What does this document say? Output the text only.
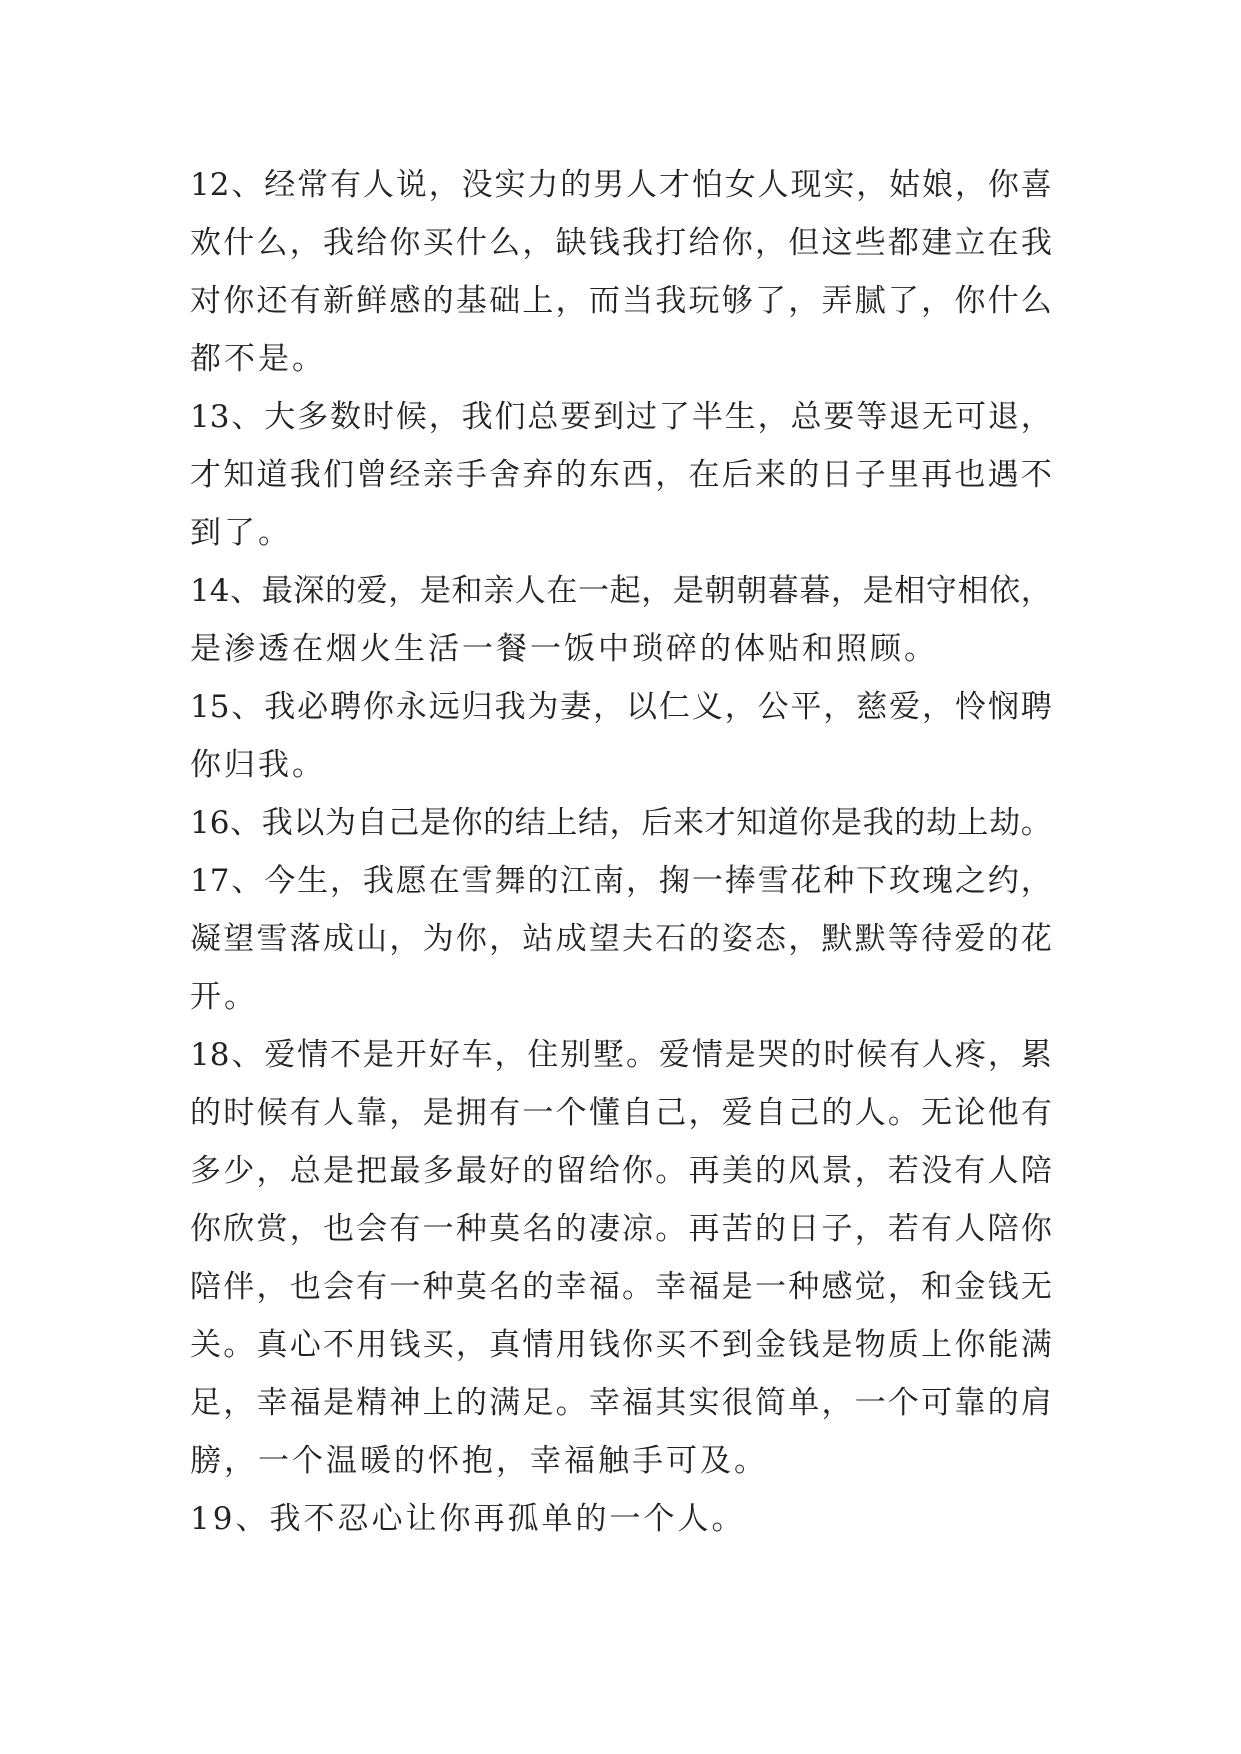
12 、 经 常 有 人 说 ， 没 实 力 的 男 人 才 怕 女 人 现 实 ， 姑 娘 ， 你 喜
欢 什 么 ， 我 给 你 买 什 么 ， 缺 钱 我 打 给 你 ， 但 这 些 都 建 立 在 我
对 你 还 有 新 鲜 感 的 基 础 上 ， 而 当 我 玩 够 了 ， 弄 腻 了 ， 你 什 么
都不是。
13 、 大 多 数 时 候 ， 我 们 总 要 到 过 了 半 生 ， 总 要 等 退 无 可 退 ，
才 知 道 我 们 曾 经 亲 手 舍 弃 的 东 西 ， 在 后 来 的 日 子 里 再 也 遇 不
到了。
14 、 最 深 的 爱 ， 是 和 亲 人 在 一 起 ， 是 朝 朝 暮 暮 ， 是 相 守 相 依 ，
是渗透在烟火生活一餐一饭中琐碎的体贴和照顾。
15 、 我 必 聘 你 永 远 归 我 为 妻 ， 以 仁 义 ， 公 平 ， 慈 爱 ， 怜 悯 聘
你归我。
16 、 我 以 为 自 己 是 你 的 结 上 结 ， 后 来 才 知 道 你 是 我 的 劫 上 劫 。
17 、 今 生 ， 我 愿 在 雪 舞 的 江 南 ， 掬 一 捧 雪 花 种 下 玫 瑰 之 约 ，
凝 望 雪 落 成 山 ， 为 你 ， 站 成 望 夫 石 的 姿 态 ， 默 默 等 待 爱 的 花
开。
18 、 爱 情 不 是 开 好 车 ， 住 别 墅 。 爱 情 是 哭 的 时 候 有 人 疼 ， 累
的 时 候 有 人 靠 ， 是 拥 有 一 个 懂 自 己 ， 爱 自 己 的 人 。 无 论 他 有
多 少 ， 总 是 把 最 多 最 好 的 留 给 你 。 再 美 的 风 景 ， 若 没 有 人 陪
你 欣 赏 ， 也 会 有 一 种 莫 名 的 凄 凉 。 再 苦 的 日 子 ， 若 有 人 陪 你
陪 伴 ， 也 会 有 一 种 莫 名 的 幸 福 。 幸 福 是 一 种 感 觉 ， 和 金 钱 无
关 。 真 心 不 用 钱 买 ， 真 情 用 钱 你 买 不 到 金 钱 是 物 质 上 你 能 满
足 ， 幸 福 是 精 神 上 的 满 足 。 幸 福 其 实 很 简 单 ， 一 个 可 靠 的 肩
膀，一个温暖的怀抱，幸福触手可及。
19、我不忍心让你再孤单的一个人。
